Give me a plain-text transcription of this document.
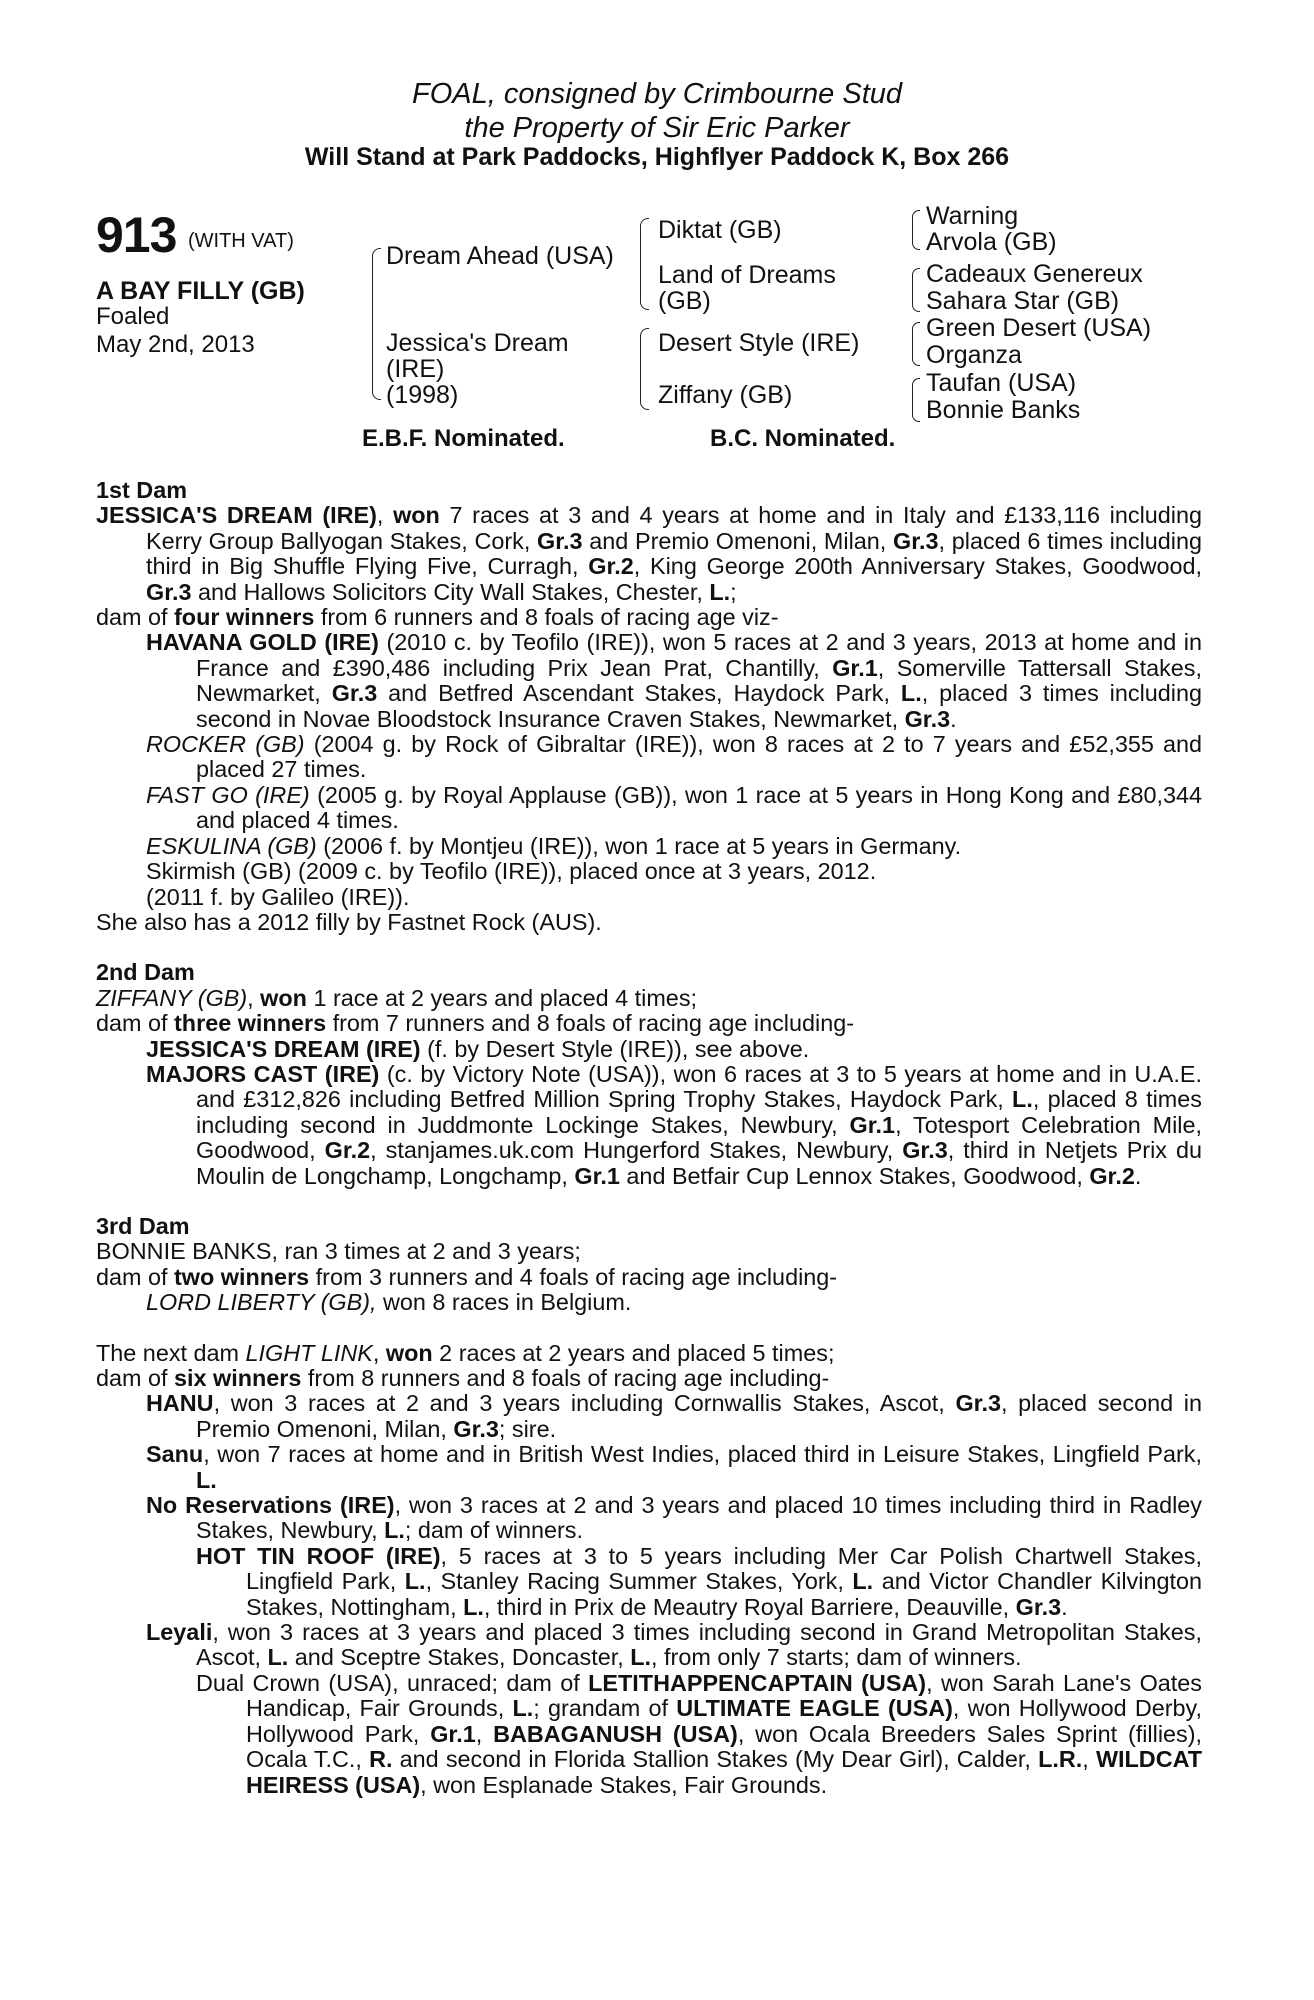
FOAL, consigned by Crimbourne Stud
the Property of Sir Eric Parker
Will Stand at Park Paddocks, Highflyer Paddock K, Box 266
913 (WITH VAT)
A BAY FILLY (GB)
Foaled
May 2nd, 2013
Dream Ahead (USA)
Jessica's Dream
(IRE)
(1998)
Diktat (GB)
Land of Dreams
(GB)
Desert Style (IRE)
Ziffany (GB)
Warning
Arvola (GB)
Cadeaux Genereux
Sahara Star (GB)
Green Desert (USA)
Organza
Taufan (USA)
Bonnie Banks
E.B.F. Nominated.	B.C. Nominated.
1st Dam
JESSICA'S DREAM (IRE), won 7 races at 3 and 4 years at home and in Italy and £133,116 including Kerry Group Ballyogan Stakes, Cork, Gr.3 and Premio Omenoni, Milan, Gr.3, placed 6 times including third in Big Shuffle Flying Five, Curragh, Gr.2, King George 200th Anniversary Stakes, Goodwood, Gr.3 and Hallows Solicitors City Wall Stakes, Chester, L.;
dam of four winners from 6 runners and 8 foals of racing age viz-
HAVANA GOLD (IRE) (2010 c. by Teofilo (IRE)), won 5 races at 2 and 3 years, 2013 at home and in France and £390,486 including Prix Jean Prat, Chantilly, Gr.1, Somerville Tattersall Stakes, Newmarket, Gr.3 and Betfred Ascendant Stakes, Haydock Park, L., placed 3 times including second in Novae Bloodstock Insurance Craven Stakes, Newmarket, Gr.3.
ROCKER (GB) (2004 g. by Rock of Gibraltar (IRE)), won 8 races at 2 to 7 years and £52,355 and placed 27 times.
FAST GO (IRE) (2005 g. by Royal Applause (GB)), won 1 race at 5 years in Hong Kong and £80,344 and placed 4 times.
ESKULINA (GB) (2006 f. by Montjeu (IRE)), won 1 race at 5 years in Germany.
Skirmish (GB) (2009 c. by Teofilo (IRE)), placed once at 3 years, 2012.
(2011 f. by Galileo (IRE)).
She also has a 2012 filly by Fastnet Rock (AUS).
2nd Dam
ZIFFANY (GB), won 1 race at 2 years and placed 4 times;
dam of three winners from 7 runners and 8 foals of racing age including-
JESSICA'S DREAM (IRE) (f. by Desert Style (IRE)), see above.
MAJORS CAST (IRE) (c. by Victory Note (USA)), won 6 races at 3 to 5 years at home and in U.A.E. and £312,826 including Betfred Million Spring Trophy Stakes, Haydock Park, L., placed 8 times including second in Juddmonte Lockinge Stakes, Newbury, Gr.1, Totesport Celebration Mile, Goodwood, Gr.2, stanjames.uk.com Hungerford Stakes, Newbury, Gr.3, third in Netjets Prix du Moulin de Longchamp, Longchamp, Gr.1 and Betfair Cup Lennox Stakes, Goodwood, Gr.2.
3rd Dam
BONNIE BANKS, ran 3 times at 2 and 3 years;
dam of two winners from 3 runners and 4 foals of racing age including-
LORD LIBERTY (GB), won 8 races in Belgium.
The next dam LIGHT LINK, won 2 races at 2 years and placed 5 times;
dam of six winners from 8 runners and 8 foals of racing age including-
HANU, won 3 races at 2 and 3 years including Cornwallis Stakes, Ascot, Gr.3, placed second in Premio Omenoni, Milan, Gr.3; sire.
Sanu, won 7 races at home and in British West Indies, placed third in Leisure Stakes, Lingfield Park, L.
No Reservations (IRE), won 3 races at 2 and 3 years and placed 10 times including third in Radley Stakes, Newbury, L.; dam of winners.
HOT TIN ROOF (IRE), 5 races at 3 to 5 years including Mer Car Polish Chartwell Stakes, Lingfield Park, L., Stanley Racing Summer Stakes, York, L. and Victor Chandler Kilvington Stakes, Nottingham, L., third in Prix de Meautry Royal Barriere, Deauville, Gr.3.
Leyali, won 3 races at 3 years and placed 3 times including second in Grand Metropolitan Stakes, Ascot, L. and Sceptre Stakes, Doncaster, L., from only 7 starts; dam of winners.
Dual Crown (USA), unraced; dam of LETITHAPPENCAPTAIN (USA), won Sarah Lane's Oates Handicap, Fair Grounds, L.; grandam of ULTIMATE EAGLE (USA), won Hollywood Derby, Hollywood Park, Gr.1, BABAGANUSH (USA), won Ocala Breeders Sales Sprint (fillies), Ocala T.C., R. and second in Florida Stallion Stakes (My Dear Girl), Calder, L.R., WILDCAT HEIRESS (USA), won Esplanade Stakes, Fair Grounds.
